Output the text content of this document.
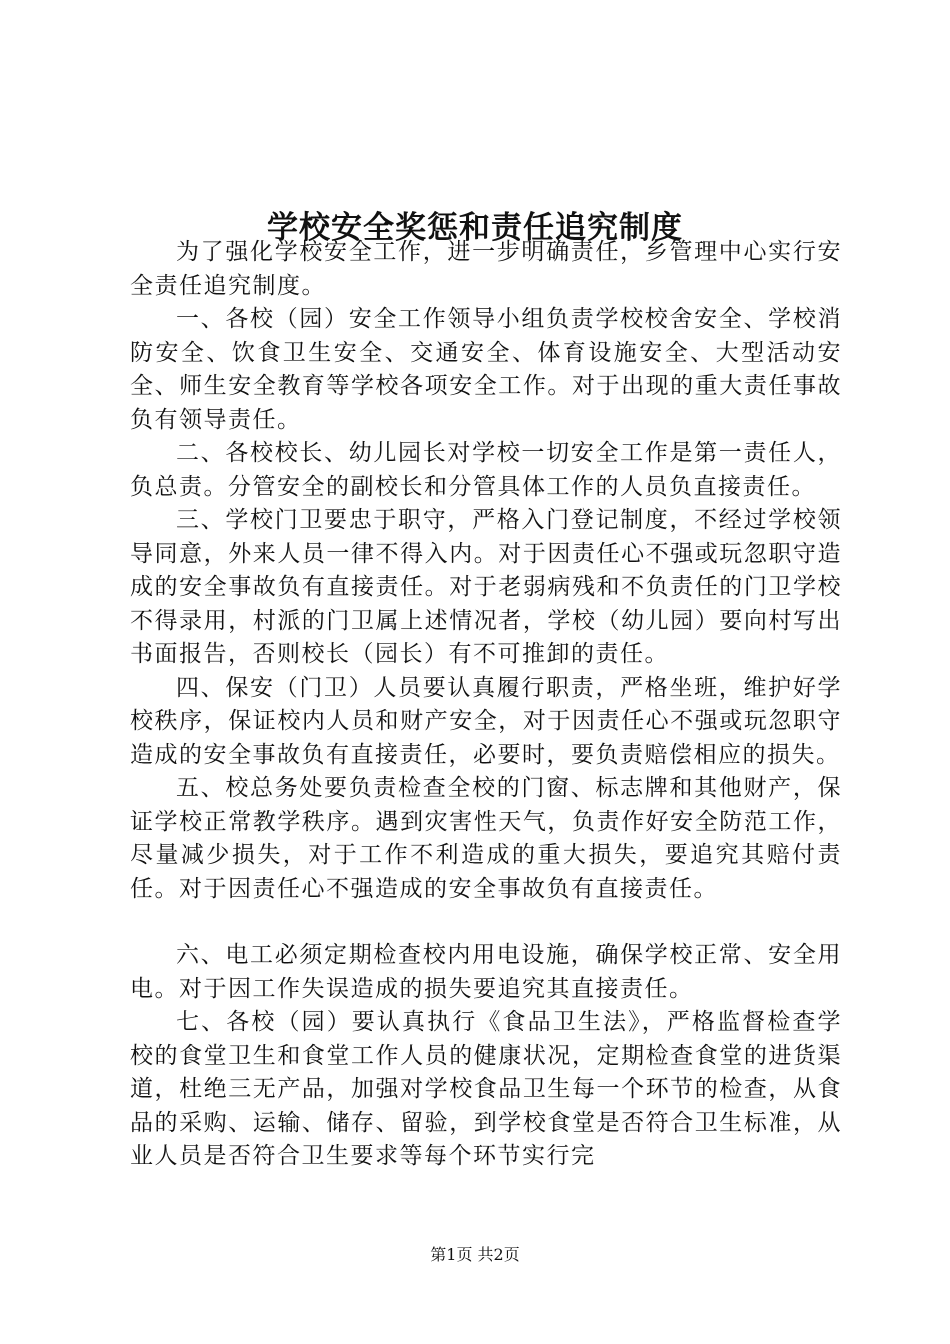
学校安全奖惩和责任追究制度

为了强化学校安全工作，进一步明确责任，乡管理中心实行安全责任追究制度。

一、各校（园）安全工作领导小组负责学校校舍安全、学校消防安全、饮食卫生安全、交通安全、体育设施安全、大型活动安全、师生安全教育等学校各项安全工作。对于出现的重大责任事故负有领导责任。

二、各校校长、幼儿园长对学校一切安全工作是第一责任人，负总责。分管安全的副校长和分管具体工作的人员负直接责任。

三、学校门卫要忠于职守，严格入门登记制度，不经过学校领导同意，外来人员一律不得入内。对于因责任心不强或玩忽职守造成的安全事故负有直接责任。对于老弱病残和不负责任的门卫学校不得录用，村派的门卫属上述情况者，学校（幼儿园）要向村写出书面报告，否则校长（园长）有不可推卸的责任。

四、保安（门卫）人员要认真履行职责，严格坐班，维护好学校秩序，保证校内人员和财产安全，对于因责任心不强或玩忽职守造成的安全事故负有直接责任，必要时，要负责赔偿相应的损失。

五、校总务处要负责检查全校的门窗、标志牌和其他财产，保证学校正常教学秩序。遇到灾害性天气，负责作好安全防范工作，尽量减少损失，对于工作不利造成的重大损失，要追究其赔付责任。对于因责任心不强造成的安全事故负有直接责任。

六、电工必须定期检查校内用电设施，确保学校正常、安全用电。对于因工作失误造成的损失要追究其直接责任。

七、各校（园）要认真执行《食品卫生法》，严格监督检查学校的食堂卫生和食堂工作人员的健康状况，定期检查食堂的进货渠道，杜绝三无产品，加强对学校食品卫生每一个环节的检查，从食品的采购、运输、储存、留验，到学校食堂是否符合卫生标准，从业人员是否符合卫生要求等每个环节实行完

第1页 共2页
